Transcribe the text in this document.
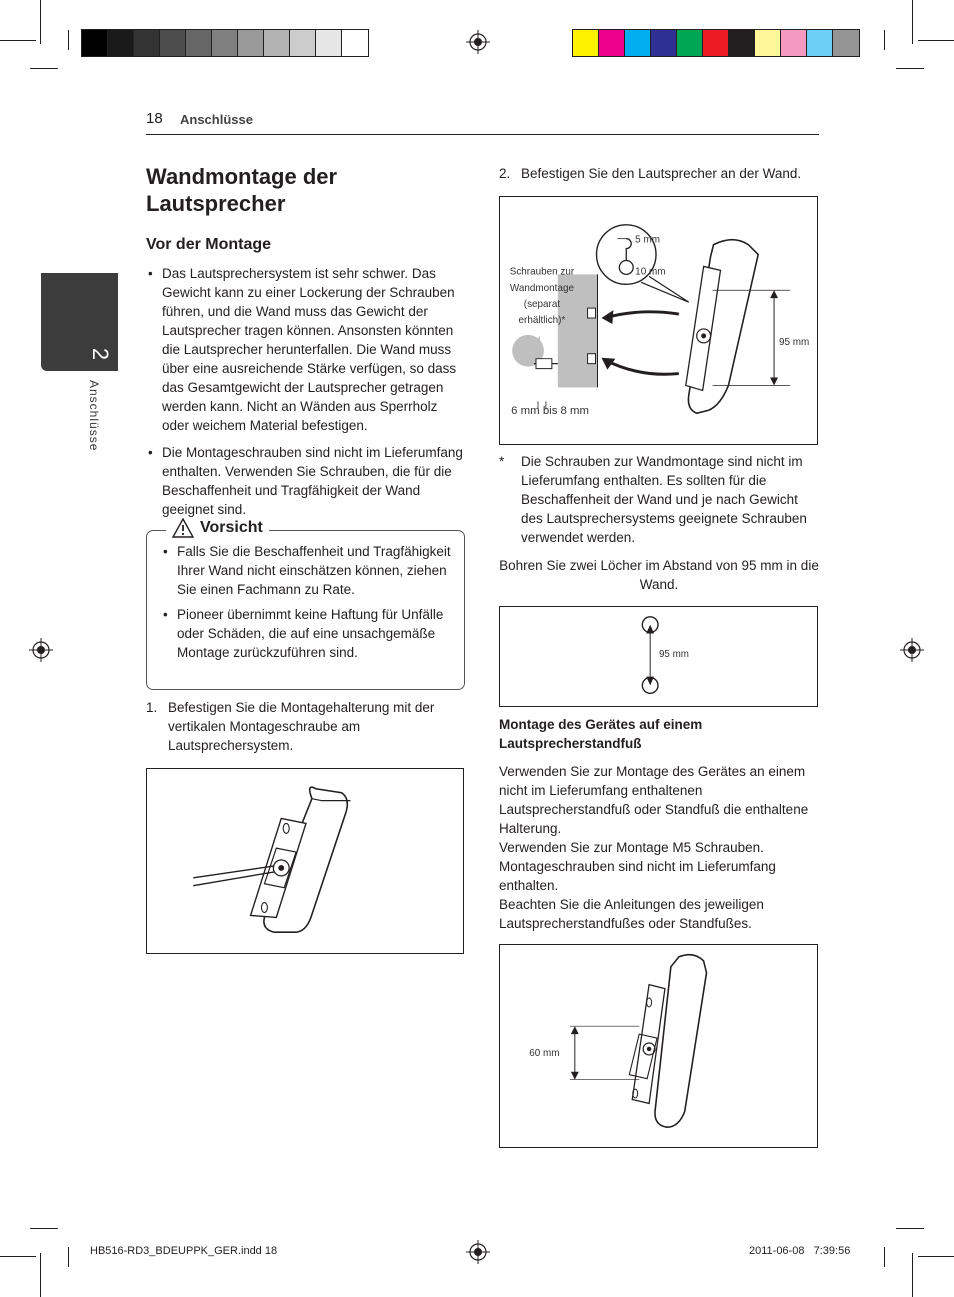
18 Anschlüsse
2
Anschlüsse
Wandmontage der Lautsprecher
Vor der Montage
• Das Lautsprechersystem ist sehr schwer. Das Gewicht kann zu einer Lockerung der Schrauben führen, und die Wand muss das Gewicht der Lautsprecher tragen können. Ansonsten könnten die Lautsprecher herunterfallen. Die Wand muss über eine ausreichende Stärke verfügen, so dass das Gesamtgewicht der Lautsprecher getragen werden kann. Nicht an Wänden aus Sperrholz oder weichem Material befestigen.
• Die Montageschrauben sind nicht im Lieferumfang enthalten. Verwenden Sie Schrauben, die für die Beschaffenheit und Tragfähigkeit der Wand geeignet sind.
Vorsicht
• Falls Sie die Beschaffenheit und Tragfähigkeit Ihrer Wand nicht einschätzen können, ziehen Sie einen Fachmann zu Rate.
• Pioneer übernimmt keine Haftung für Unfälle oder Schäden, die auf eine unsachgemäße Montage zurückzuführen sind.
1. Befestigen Sie die Montagehalterung mit der vertikalen Montageschraube am Lautsprechersystem.
2. Befestigen Sie den Lautsprecher an der Wand.
5 mm
10 mm
95 mm
6 mm bis 8 mm
Schrauben zur
Wandmontage
(separat
erhältlich)*
*	Die Schrauben zur Wandmontage sind nicht im Lieferumfang enthalten. Es sollten für die Beschaffenheit der Wand und je nach Gewicht des Lautsprechersystems geeignete Schrauben verwendet werden.
Bohren Sie zwei Löcher im Abstand von 95 mm in die Wand.
95 mm
Montage des Gerätes auf einem Lautsprecherstandfuß
Verwenden Sie zur Montage des Gerätes an einem nicht im Lieferumfang enthaltenen Lautsprecherstandfuß oder Standfuß die enthaltene Halterung.
Verwenden Sie zur Montage M5 Schrauben.
Montageschrauben sind nicht im Lieferumfang enthalten.
Beachten Sie die Anleitungen des jeweiligen Lautsprecherstandfußes oder Standfußes.
60 mm
HB516-RD3_BDEUPPK_GER.indd 18	2011-06-08   7:39:56
